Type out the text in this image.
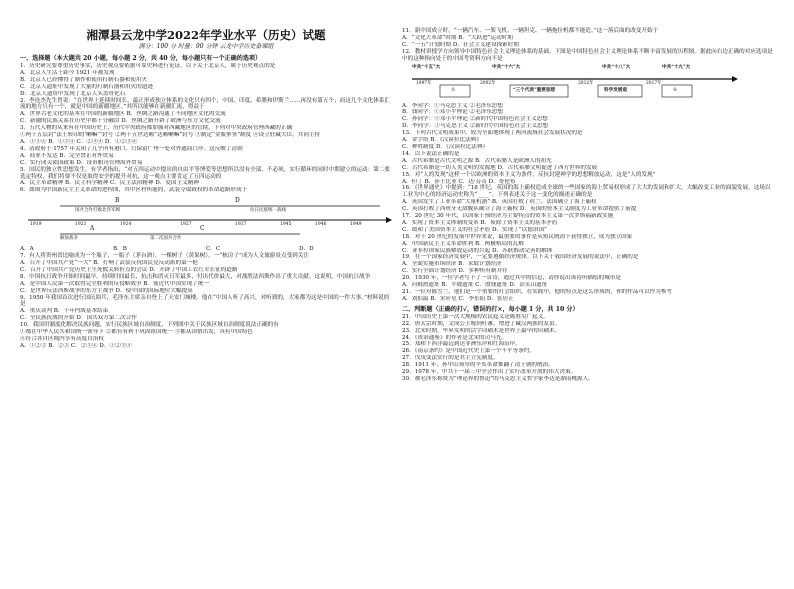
湘潭县云龙中学2022年学业水平（历史）试题
满分：100 分 时量：90 分钟 云龙中学历史备课组
一、选择题（本大题共 20 小题，每小题 2 分，共 40 分，每小题只有一个正确的选项）
1．历史研究要尊重历史事实，历史观点要依据可靠史料进行论证。以下关于北京人，属于历史观点的是
A．北京人生活于距今 1921 年被发现
B．北京人已经懂得了制作和使用打制石器和使用火
C．北京人遗址中发现了大量的打制石器和用火的遗迹
D．北京人遗址中发现了北京人头盖骨化石
2．李连杰先生曾说：“在世界上延续时间长、最正形成独立体系的文化只有四个，中国、印度、希腊和伊斯兰……再没有第五个；而这几个文化体系汇流的地方只有一个，就是中国的新疆地区。”其所以能够在新疆汇流，得益于
A．世界古老文化的基本在中国的新疆地区 B．丝绸之路沟通了不同地区文化的交流
C．新疆的民族关系在历史中都十分融洽 D．丝绸之路开辟了欧洲与东方文化交流
3．五代人物的从来有在中国历史上，历代中央政府都加强对西藏地区的管辖，下列对中央政府管理西藏的正确
①两千五层封“法王转印的‘喇嘛’”封号 ②两千五世达赖“达赖喇嘛”封号 ③制定“金瓶掣签”制度 ④设立驻藏大臣，共同主持
A．①③④ B．①③④ C．②③④ D．①②③④
4．清政府于 1757 年关闭了几乎所有港口，只保留广州一处对外通商口岸。这反映了清朝
A．商业不发达 B．完全禁止对外贸易
C．实行闭关锁国政策 D．设市舶司管理海外贸易
5．国民的独立性思想发生，有学者指出，“对五四运动中提出的自由平等博爱等思想所以没有全部，不必须，实行循环的同时中期建立的运动：第二要选定特权，我们将要不仅是取得安全的提升对抗，这一观点主要肯定了五四运动的
A．民主革命精神 B．民主科学精神 C．民主法治精神 D．爱国主义精神
6．如图为中国新民主主义革命的进程图，其中区村所能的，武装夺取政权的革命道路形成于
B	D
国共合作打败北洋军阀	抗日民族统一战线
1919	1921	1924	1927	1937	1945	1946	1949
A	C
第二次国共合作
解放战争
A．A	B．B	C．C	D．D
7．有人将贵州省比喻成为一个瓶子，一瓶子（茅台酒），一棵树子（黄果树），一“栋房子”成为人文旅游景点受到关注
A．召开了中国共产党“一大” B．打响了武装反抗国民党反动派的第一枪
C．召开了中国共产党历史上生死攸关转折点的会议 D．开辟了中国工农红军长征的道路
8．中国抗日战争开始时间最早，持续时间最长，抗击和消灭日军最多，付出代价最大，对战胜法西斯作出了重大贡献。这说明，中国抗日战争
A．是中国人民第一次取得完全胜利的反侵略战争 B．使近代中国实现了统一
C．是世界反法西斯战争的东方主战争 D．使中国的国际地位大幅提高
9．1950 年我国首次进行国庆阅兵，毛泽东主席亲自登上了天安门城楼。他在“中国人听了高兴，对听到的，大家都为这是中国的一件大事。”材料说的是
A．重庆谈判 B．十年内战基本结束
C．全民族抗战的开始 D．国共双方第二次合作
10．我国用制度化解决民族问题，实行民族区域自治制度，下列图中关于民族区域自治制度说法正确的有
①都在中华人民共和国统一领导下 ②都有有利于巩固祖国统一 ③都从国情出发，具有中国特色
④符合各自区域内享有高度自治权
A．①②③ B．②③ C．②③④ D．①②③④
11．新中国成立时，“一辆汽车、一架飞机、一辆坦克、一辆拖拉机都不能造。”这一落后面的改变开始于
A．“文化大革命”时期 B．“大跃进”运动时期
C．“一五”计划时期 D．社会主义建设探索时期
12．教材讲授学方向领导中国特色社会主义理论体系的基础。下图是中国特色社会主义理论体系不断丰富发展的历程图。据此向右边正确的对应选项是中的这种指向处于的中国考资料方向不是
中共“十五”大	中共“十六”大	中共“十八”大	中共“十九”大
1997年	2002年	2012年	2017年
②	“三个代表”重要思想	科学发展观	⑤
A．李同学：①马克思主义 ②毛泽东思想
B．钱同学：①邓小平理论 ②毛泽东思想
C．孙同学：①邓小平理论 ②新时代中国特色社会主义思想
D．李同学：①马克思主义 ②新时代中国特色社会主义思想
13．下列古代文明成果中，较为全面地体现了两河流域社会发展状况的是
A．金字塔 B．《汉谟拉比法典》
C．种姓制度 D．《汉谟拉比法典》
14．以下说法正确的是
A．古代希腊是古代文明之源 B．古代希腊人是欧洲人的祖先
C．古代希腊是一切人类文明的发源地 D．古代希腊文明促进了西方世界的发展
15．对“人的发现”这样一个以欧洲的资本主义为条件，反抗封建神学的思想解放运动，这是“人的发现”
A．但丁 B．莎士比亚 C．达·芬奇 D．哥伦布
16．《世界通史》中提到：“18 世纪，英国的海上霸权造成全球的一些国家的海上贸易权形成了大大的发展和扩大，大幅改变工业的面貌发展，这场以工业为中心的经济运动史称为“____”。下列表述关于这一变化的描述正确的是
A．英国发生了工业革命“大量机器” B．英国打败了荷兰、法国确立了海上霸权
C．英国打败了西班牙无敌舰队确立了海上霸权 D．英国的资本主义制度为工业革命提供了前提
17．20 世纪 30 年代，以国家干预经济为主要特点的资本主义第一次罗斯福新政实施
A．实现了资本主义体制的变革 B．废除了资本主义的基本矛盾
C．缓和了美国资本主义的社会矛盾 D．实现了“以德治国”
18．对于 20 世纪的发展中世界来说，最重要的事件是从殖民统治下获得独立，成为独立国家
A．中国新民主主义革命胜利 B．两极格局的瓦解
C．亚非拉国家民族解放运动的兴起 D．苏联推动完善的解体
19．在一个国家经济发展中，一定要遵循经济规律。以下关于我国经济发展的说法中，正确的是
A．全面实施市场经济 B．采取计划经济
C．实行全面计划经济 D．多种所有制并存
20．1930 年，一位学者写下了一首诗，通过其中的信息，请你说出该诗所描绘的城市是
A．河姆渡遗址 B．半坡遗址 C．殷墟遗址 D．彭头山遗址
21．一位对陈雪兰，他们是一个重要的社会组织，在实践中，他的特点是这么形成的，你的作品可以作为参考
A．刘伯温 B．宋应星 C．李东阳 D．张居正
二、判断题（正确的打√，错误的打×，每小题 1 分，共 10 分）
21．中国历史上第一次大规模的农民起义是陈胜吴广起义。
22．唐太宗时期，文成公主嫁到吐蕃，增进了藏汉两族的友谊。
23．北宋时期，毕昇发明的活字印刷术是世界上最早的印刷术。
24．《资治通鉴》的作者是北宋的司马光。
25．郑和下西洋最远到达非洲东岸和红海沿岸。
26．《南京条约》是中国近代史上第一个不平等条约。
27．戊戌变法实行的是君主立宪制度。
28．1911 年，孙中山领导的辛亥革命推翻了清王朝的统治。
29．1978 年，中共十一届三中全会作出了实行改革开放的伟大决策。
30．被毛泽东称赞为“理论界的鲁迅”的马克思主义哲学家李达是湖南桃源人。
